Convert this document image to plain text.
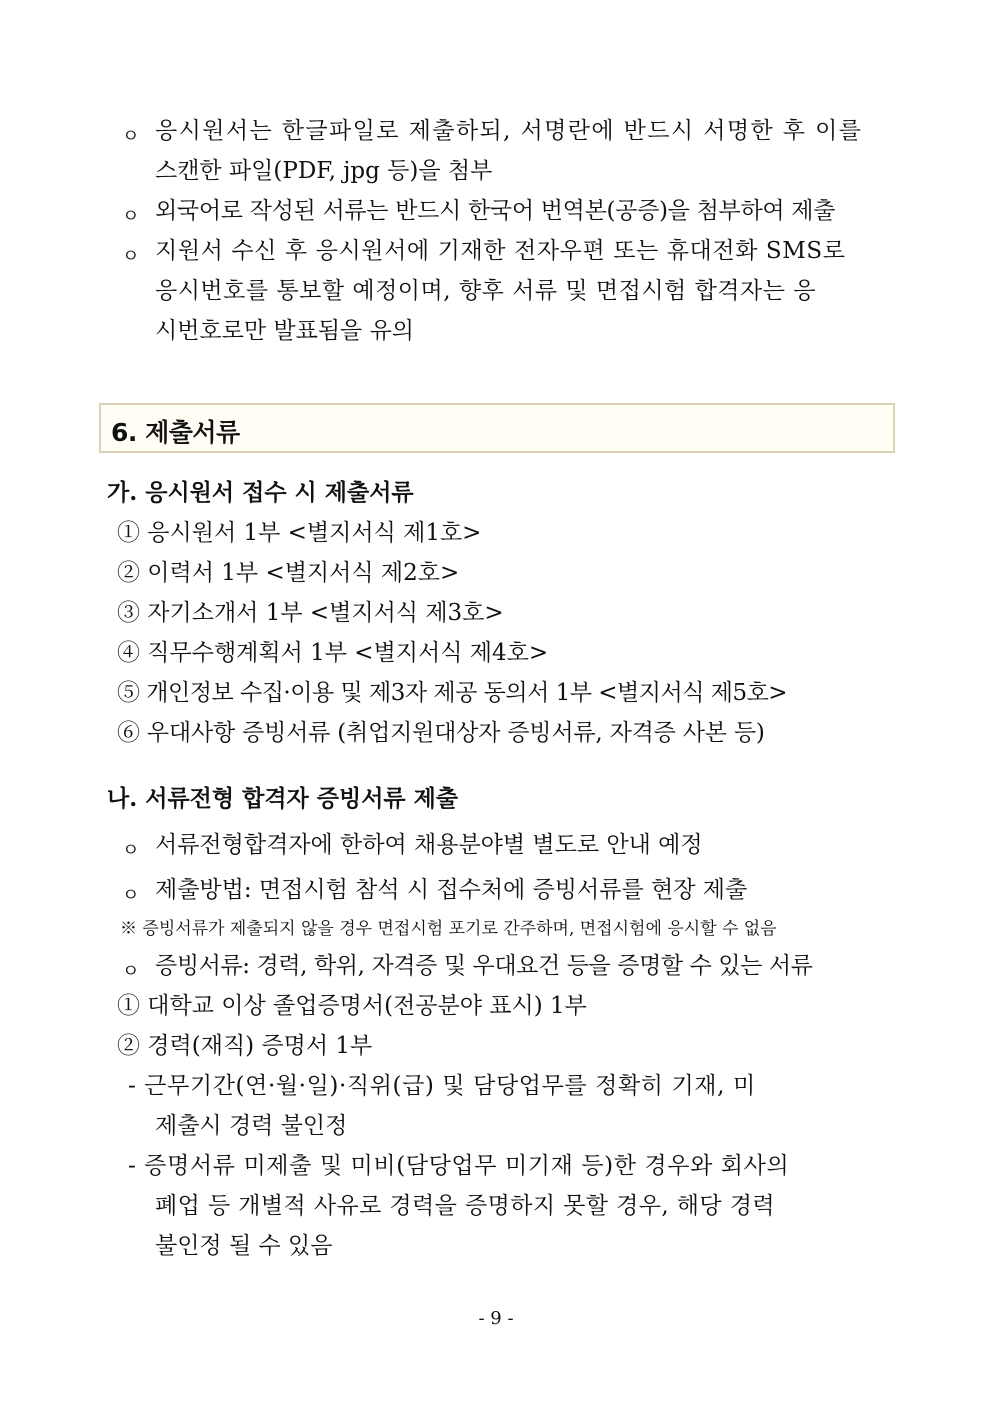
ㅇ 응시원서는 한글파일로 제출하되, 서명란에 반드시 서명한 후 이를
스캔한 파일(PDF, jpg 등)을 첨부
ㅇ 외국어로 작성된 서류는 반드시 한국어 번역본(공증)을 첨부하여 제출
ㅇ 지원서 수신 후 응시원서에 기재한 전자우편 또는 휴대전화 SMS로
응시번호를 통보할 예정이며, 향후 서류 및 면접시험 합격자는 응
시번호로만 발표됨을 유의
6. 제출서류
가. 응시원서 접수 시 제출서류
① 응시원서 1부 <별지서식 제1호>
② 이력서 1부 <별지서식 제2호>
③ 자기소개서 1부 <별지서식 제3호>
④ 직무수행계획서 1부 <별지서식 제4호>
⑤ 개인정보 수집·이용 및 제3자 제공 동의서 1부 <별지서식 제5호>
⑥ 우대사항 증빙서류 (취업지원대상자 증빙서류, 자격증 사본 등)
나. 서류전형 합격자 증빙서류 제출
ㅇ 서류전형합격자에 한하여 채용분야별 별도로 안내 예정
ㅇ 제출방법: 면접시험 참석 시 접수처에 증빙서류를 현장 제출
※ 증빙서류가 제출되지 않을 경우 면접시험 포기로 간주하며, 면접시험에 응시할 수 없음
ㅇ 증빙서류: 경력, 학위, 자격증 및 우대요건 등을 증명할 수 있는 서류
① 대학교 이상 졸업증명서(전공분야 표시) 1부
② 경력(재직) 증명서 1부
- 근무기간(연·월·일)·직위(급) 및 담당업무를 정확히 기재, 미
제출시 경력 불인정
- 증명서류 미제출 및 미비(담당업무 미기재 등)한 경우와 회사의
폐업 등 개별적 사유로 경력을 증명하지 못할 경우, 해당 경력
불인정 될 수 있음
- 9 -
